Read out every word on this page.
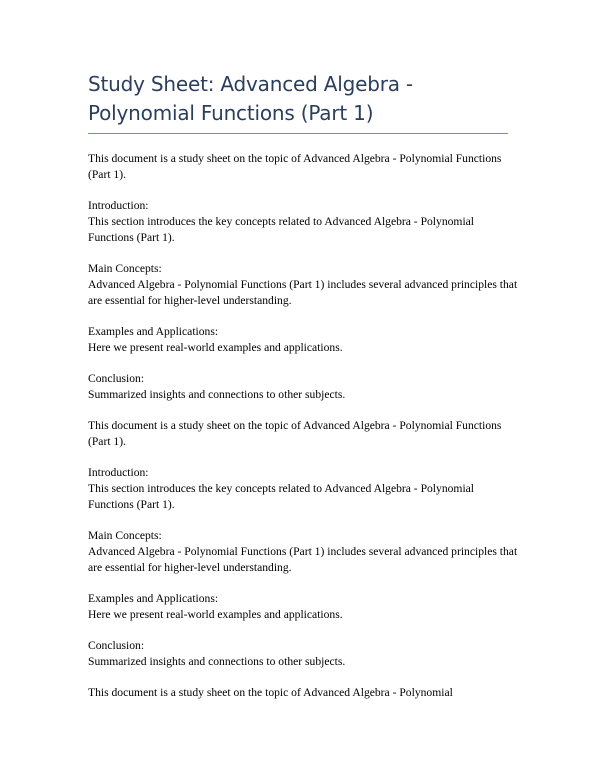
Study Sheet: Advanced Algebra - Polynomial Functions (Part 1)
This document is a study sheet on the topic of Advanced Algebra - Polynomial Functions (Part 1).
Introduction:
This section introduces the key concepts related to Advanced Algebra - Polynomial Functions (Part 1).
Main Concepts:
Advanced Algebra - Polynomial Functions (Part 1) includes several advanced principles that are essential for higher-level understanding.
Examples and Applications:
Here we present real-world examples and applications.
Conclusion:
Summarized insights and connections to other subjects.
This document is a study sheet on the topic of Advanced Algebra - Polynomial Functions (Part 1).
Introduction:
This section introduces the key concepts related to Advanced Algebra - Polynomial Functions (Part 1).
Main Concepts:
Advanced Algebra - Polynomial Functions (Part 1) includes several advanced principles that are essential for higher-level understanding.
Examples and Applications:
Here we present real-world examples and applications.
Conclusion:
Summarized insights and connections to other subjects.
This document is a study sheet on the topic of Advanced Algebra - Polynomial
